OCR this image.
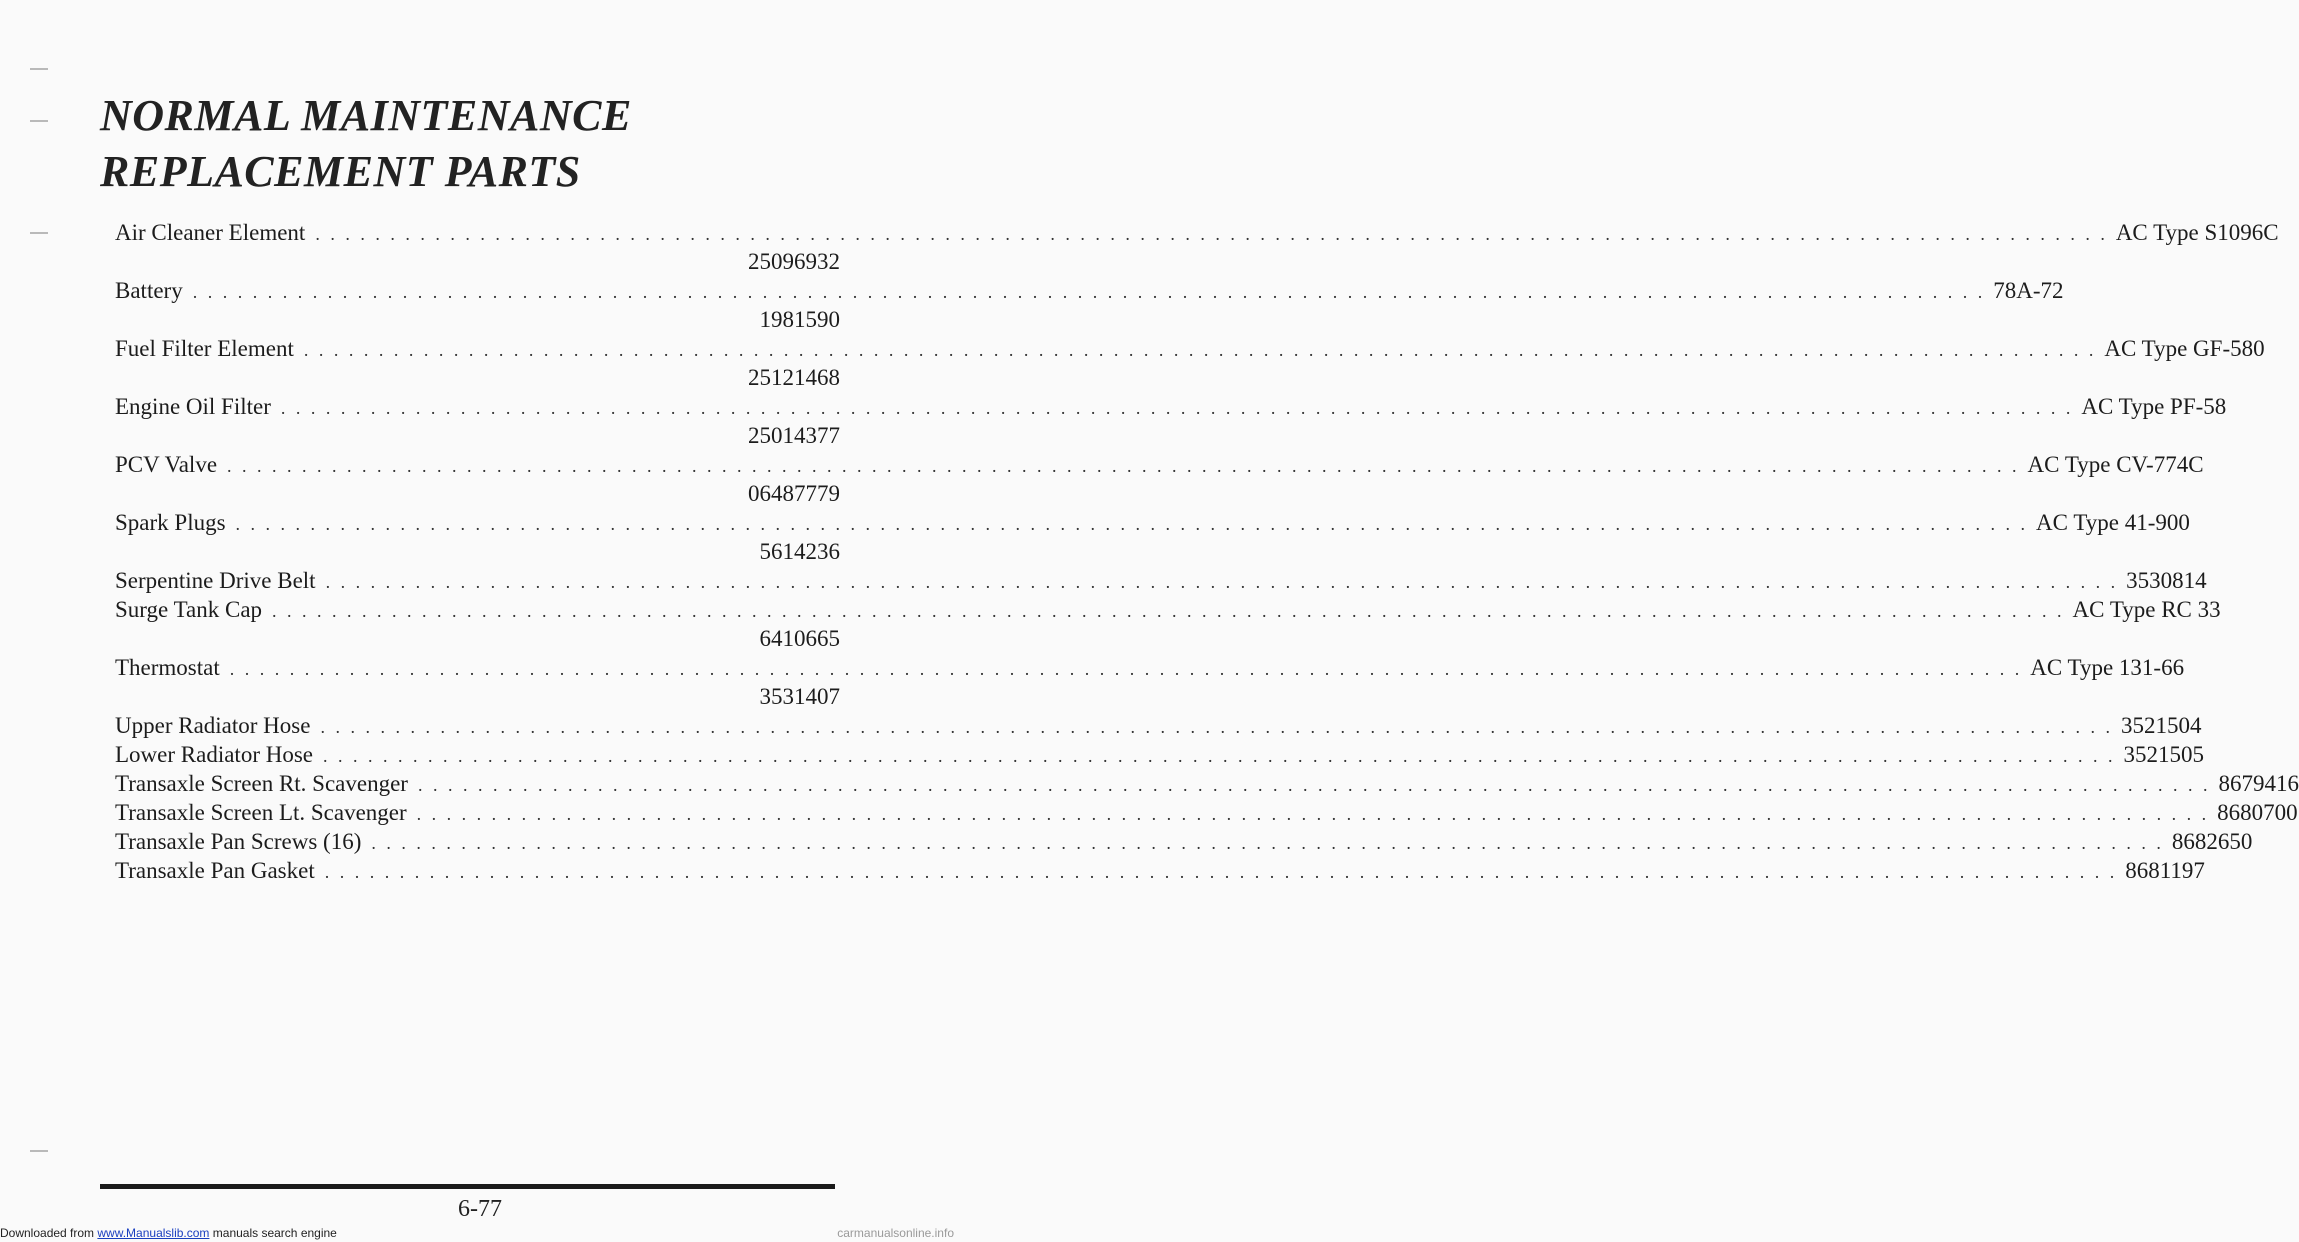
NORMAL MAINTENANCE REPLACEMENT PARTS
Air Cleaner Element . . . . . . . . . . . . . . . . . . . . . . . . . . . . . . . . . . . . . . . . . . . . . . . . . . . . . . . . . . . . . . . . . . . . . . . . . . . . . . . . . . . . . . . . . . . . . . . . . . . . . . . . . . . . . . . . . . . . . . . . AC Type S1096C
25096932
Battery . . . . . . . . . . . . . . . . . . . . . . . . . . . . . . . . . . . . . . . . . . . . . . . . . . . . . . . . . . . . . . . . . . . . . . . . . . . . . . . . . . . . . . . . . . . . . . . . . . . . . . . . . . . . . . . . . . . . . . . . 78A-72
1981590
Fuel Filter Element . . . . . . . . . . . . . . . . . . . . . . . . . . . . . . . . . . . . . . . . . . . . . . . . . . . . . . . . . . . . . . . . . . . . . . . . . . . . . . . . . . . . . . . . . . . . . . . . . . . . . . . . . . . . . . . . . . . . . . . . AC Type GF-580
25121468
Engine Oil Filter . . . . . . . . . . . . . . . . . . . . . . . . . . . . . . . . . . . . . . . . . . . . . . . . . . . . . . . . . . . . . . . . . . . . . . . . . . . . . . . . . . . . . . . . . . . . . . . . . . . . . . . . . . . . . . . . . . . . . . . . AC Type PF-58
25014377
PCV Valve . . . . . . . . . . . . . . . . . . . . . . . . . . . . . . . . . . . . . . . . . . . . . . . . . . . . . . . . . . . . . . . . . . . . . . . . . . . . . . . . . . . . . . . . . . . . . . . . . . . . . . . . . . . . . . . . . . . . . . . . AC Type CV-774C
06487779
Spark Plugs . . . . . . . . . . . . . . . . . . . . . . . . . . . . . . . . . . . . . . . . . . . . . . . . . . . . . . . . . . . . . . . . . . . . . . . . . . . . . . . . . . . . . . . . . . . . . . . . . . . . . . . . . . . . . . . . . . . . . . . . AC Type 41-900
5614236
Serpentine Drive Belt . . . . . . . . . . . . . . . . . . . . . . . . . . . . . . . . . . . . . . . . . . . . . . . . . . . . . . . . . . . . . . . . . . . . . . . . . . . . . . . . . . . . . . . . . . . . . . . . . . . . . . . . . . . . . . . . . . . . . . . . 3530814
Surge Tank Cap . . . . . . . . . . . . . . . . . . . . . . . . . . . . . . . . . . . . . . . . . . . . . . . . . . . . . . . . . . . . . . . . . . . . . . . . . . . . . . . . . . . . . . . . . . . . . . . . . . . . . . . . . . . . . . . . . . . . . . . . AC Type RC 33
6410665
Thermostat . . . . . . . . . . . . . . . . . . . . . . . . . . . . . . . . . . . . . . . . . . . . . . . . . . . . . . . . . . . . . . . . . . . . . . . . . . . . . . . . . . . . . . . . . . . . . . . . . . . . . . . . . . . . . . . . . . . . . . . . AC Type 131-66
3531407
Upper Radiator Hose . . . . . . . . . . . . . . . . . . . . . . . . . . . . . . . . . . . . . . . . . . . . . . . . . . . . . . . . . . . . . . . . . . . . . . . . . . . . . . . . . . . . . . . . . . . . . . . . . . . . . . . . . . . . . . . . . . . . . . . . 3521504
Lower Radiator Hose . . . . . . . . . . . . . . . . . . . . . . . . . . . . . . . . . . . . . . . . . . . . . . . . . . . . . . . . . . . . . . . . . . . . . . . . . . . . . . . . . . . . . . . . . . . . . . . . . . . . . . . . . . . . . . . . . . . . . . . . 3521505
Transaxle Screen Rt. Scavenger . . . . . . . . . . . . . . . . . . . . . . . . . . . . . . . . . . . . . . . . . . . . . . . . . . . . . . . . . . . . . . . . . . . . . . . . . . . . . . . . . . . . . . . . . . . . . . . . . . . . . . . . . . . . . . . . . . . . . . . . 8679416
Transaxle Screen Lt. Scavenger . . . . . . . . . . . . . . . . . . . . . . . . . . . . . . . . . . . . . . . . . . . . . . . . . . . . . . . . . . . . . . . . . . . . . . . . . . . . . . . . . . . . . . . . . . . . . . . . . . . . . . . . . . . . . . . . . . . . . . . . 8680700
Transaxle Pan Screws (16) . . . . . . . . . . . . . . . . . . . . . . . . . . . . . . . . . . . . . . . . . . . . . . . . . . . . . . . . . . . . . . . . . . . . . . . . . . . . . . . . . . . . . . . . . . . . . . . . . . . . . . . . . . . . . . . . . . . . . . . . 8682650
Transaxle Pan Gasket . . . . . . . . . . . . . . . . . . . . . . . . . . . . . . . . . . . . . . . . . . . . . . . . . . . . . . . . . . . . . . . . . . . . . . . . . . . . . . . . . . . . . . . . . . . . . . . . . . . . . . . . . . . . . . . . . . . . . . . . 8681197
6-77
Downloaded from www.Manualslib.com manuals search engine	carmanualsonline.info
